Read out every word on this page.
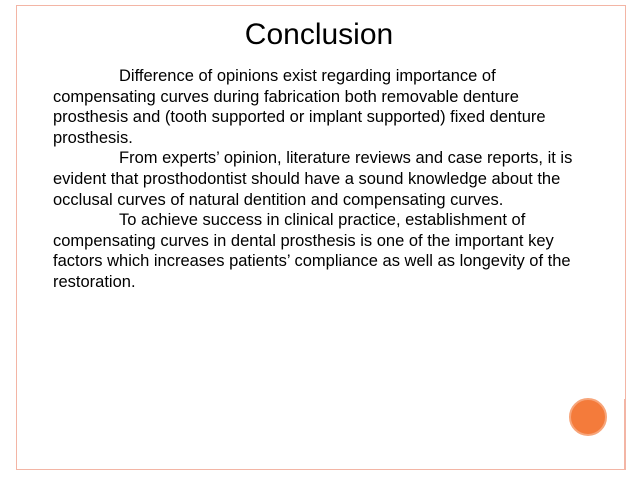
Conclusion
Difference of opinions exist regarding importance of
compensating curves during fabrication both removable denture
prosthesis and (tooth supported or implant supported) fixed denture
prosthesis.
From experts’ opinion, literature reviews and case reports, it is
evident that prosthodontist should have a sound knowledge about the
occlusal curves of natural dentition and compensating curves.
To achieve success in clinical practice, establishment of
compensating curves in dental prosthesis is one of the important key
factors which increases patients’ compliance as well as longevity of the
restoration.
